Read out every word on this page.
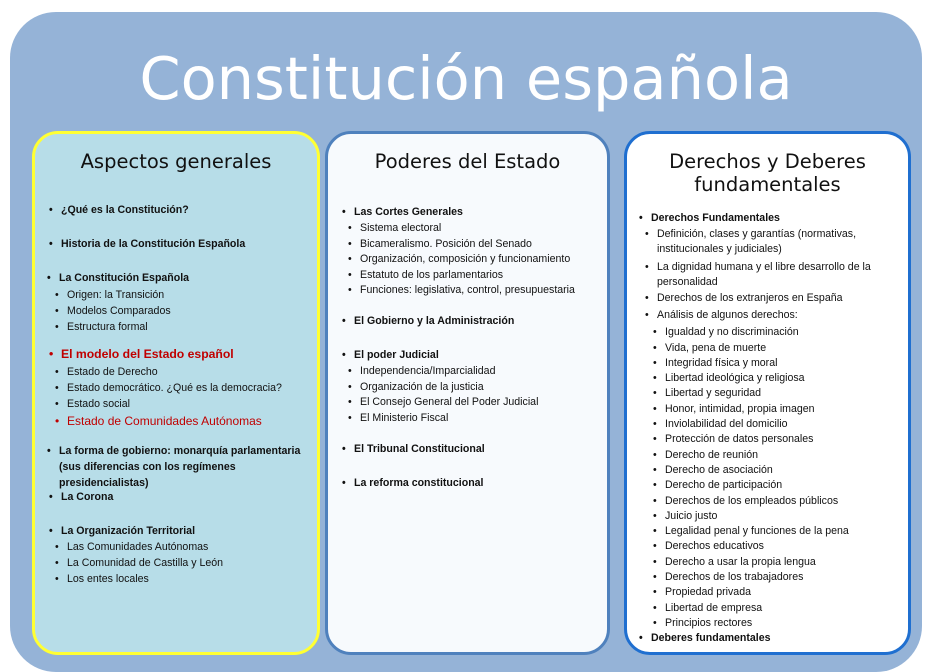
Constitución española
Aspectos generales
• ¿Qué es la Constitución?
• Historia de la Constitución Española
• La Constitución Española
• Origen: la Transición
• Modelos Comparados
• Estructura formal
• El modelo del Estado español
• Estado de Derecho
• Estado democrático. ¿Qué es la democracia?
• Estado social
• Estado de Comunidades Autónomas
• La forma de gobierno: monarquía parlamentaria (sus diferencias con los regímenes presidencialistas)
• La Corona
• La Organización Territorial
• Las Comunidades Autónomas
• La Comunidad de Castilla y León
• Los entes locales
Poderes del Estado
• Las Cortes Generales
• Sistema electoral
• Bicameralismo. Posición del Senado
• Organización, composición y funcionamiento
• Estatuto de los parlamentarios
• Funciones: legislativa, control, presupuestaria
• El Gobierno y la Administración
• El poder Judicial
• Independencia/Imparcialidad
• Organización de la justicia
• El Consejo General del Poder Judicial
• El Ministerio Fiscal
• El Tribunal Constitucional
• La reforma constitucional
Derechos y Deberes
fundamentales
• Derechos Fundamentales
• Definición, clases y garantías (normativas, institucionales y judiciales)
• La dignidad humana y el libre desarrollo de la personalidad
• Derechos de los extranjeros en España
• Análisis de algunos derechos:
• Igualdad y no discriminación
• Vida, pena de muerte
• Integridad física y moral
• Libertad ideológica y religiosa
• Libertad y seguridad
• Honor, intimidad, propia imagen
• Inviolabilidad del domicilio
• Protección de datos personales
• Derecho de reunión
• Derecho de asociación
• Derecho de participación
• Derechos de los empleados públicos
• Juicio justo
• Legalidad penal y funciones de la pena
• Derechos educativos
• Derecho a usar la propia lengua
• Derechos de los trabajadores
• Propiedad privada
• Libertad de empresa
• Principios rectores
• Deberes fundamentales
